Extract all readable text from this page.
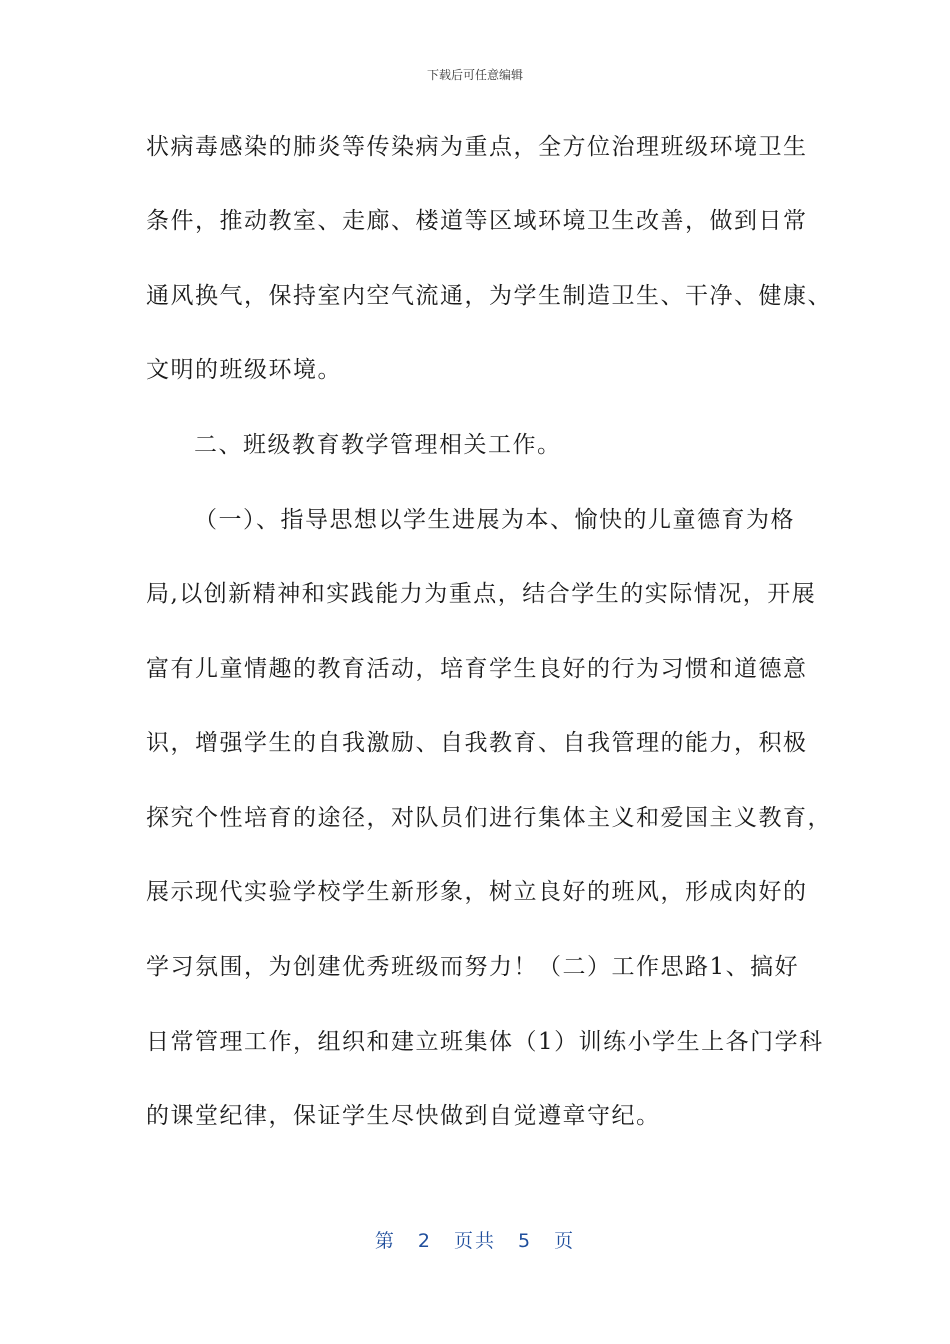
下载后可任意编辑
状病毒感染的肺炎等传染病为重点，全方位治理班级环境卫生
条件，推动教室、走廊、楼道等区域环境卫生改善，做到日常
通风换气，保持室内空气流通，为学生制造卫生、干净、健康、
文明的班级环境。
二、班级教育教学管理相关工作。
（一）、指导思想以学生进展为本、愉快的儿童德育为格
局,以创新精神和实践能力为重点，结合学生的实际情况，开展
富有儿童情趣的教育活动，培育学生良好的行为习惯和道德意
识，增强学生的自我激励、自我教育、自我管理的能力，积极
探究个性培育的途径，对队员们进行集体主义和爱国主义教育，
展示现代实验学校学生新形象，树立良好的班风，形成肉好的
学习氛围，为创建优秀班级而努力！（二）工作思路1、搞好
日常管理工作，组织和建立班集体（1）训练小学生上各门学科
的课堂纪律，保证学生尽快做到自觉遵章守纪。
第 2 页共 5 页
